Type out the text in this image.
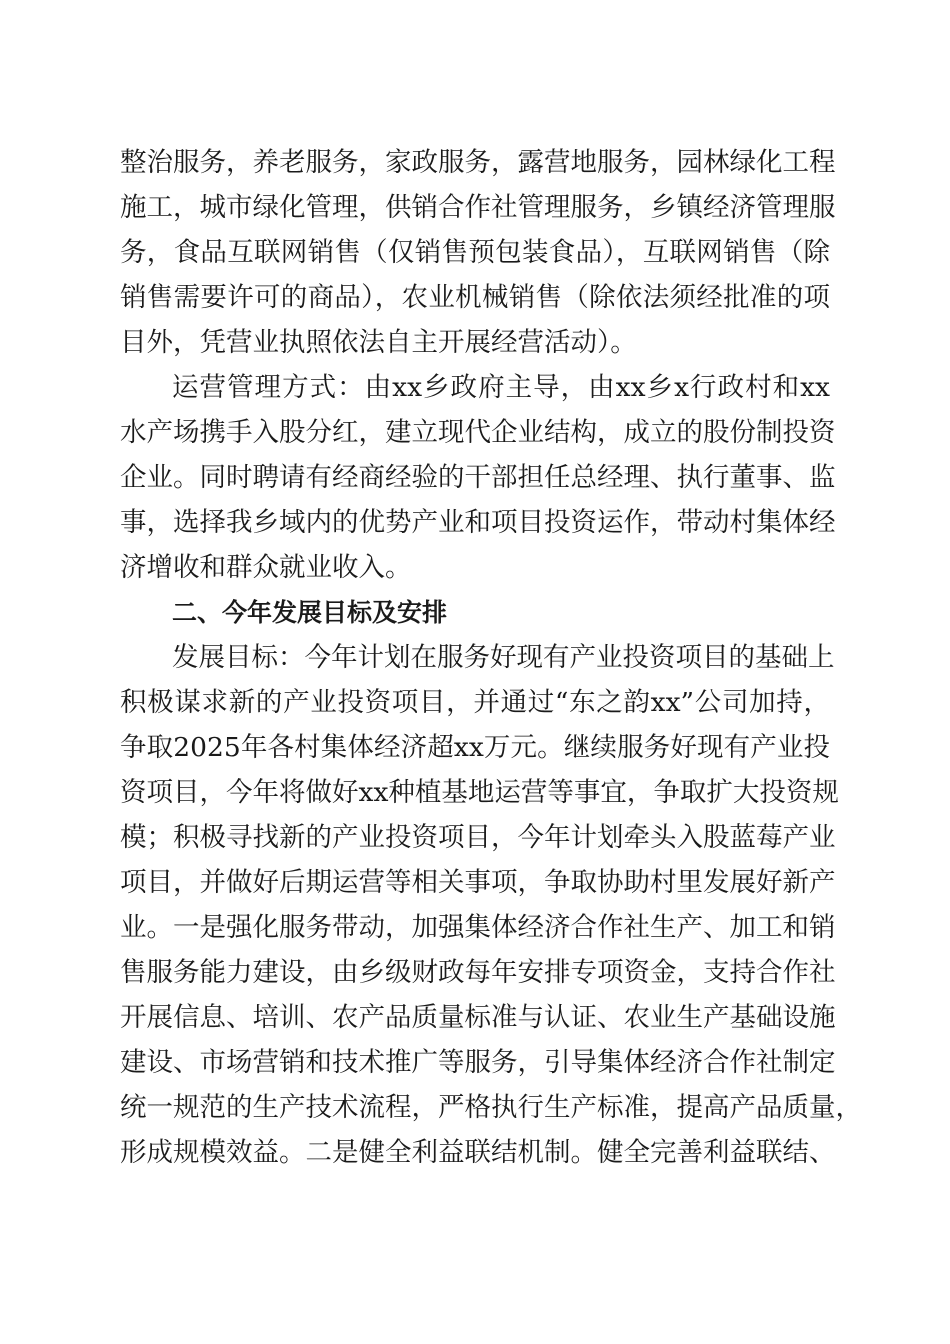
整治服务，养老服务，家政服务，露营地服务，园林绿化工程
施工，城市绿化管理，供销合作社管理服务，乡镇经济管理服
务，食品互联网销售（仅销售预包装食品），互联网销售（除
销售需要许可的商品），农业机械销售（除依法须经批准的项
目外，凭营业执照依法自主开展经营活动）。
运营管理方式：由xx乡政府主导，由xx乡x行政村和xx
水产场携手入股分红，建立现代企业结构，成立的股份制投资
企业。同时聘请有经商经验的干部担任总经理、执行董事、监
事，选择我乡域内的优势产业和项目投资运作，带动村集体经
济增收和群众就业收入。
二、今年发展目标及安排
发展目标：今年计划在服务好现有产业投资项目的基础上
积极谋求新的产业投资项目，并通过“东之韵xx”公司加持，
争取2025年各村集体经济超xx万元。继续服务好现有产业投
资项目，今年将做好xx种植基地运营等事宜，争取扩大投资规
模；积极寻找新的产业投资项目，今年计划牵头入股蓝莓产业
项目，并做好后期运营等相关事项，争取协助村里发展好新产
业。一是强化服务带动，加强集体经济合作社生产、加工和销
售服务能力建设，由乡级财政每年安排专项资金，支持合作社
开展信息、培训、农产品质量标准与认证、农业生产基础设施
建设、市场营销和技术推广等服务，引导集体经济合作社制定
统一规范的生产技术流程，严格执行生产标准，提高产品质量，
形成规模效益。二是健全利益联结机制。健全完善利益联结、
